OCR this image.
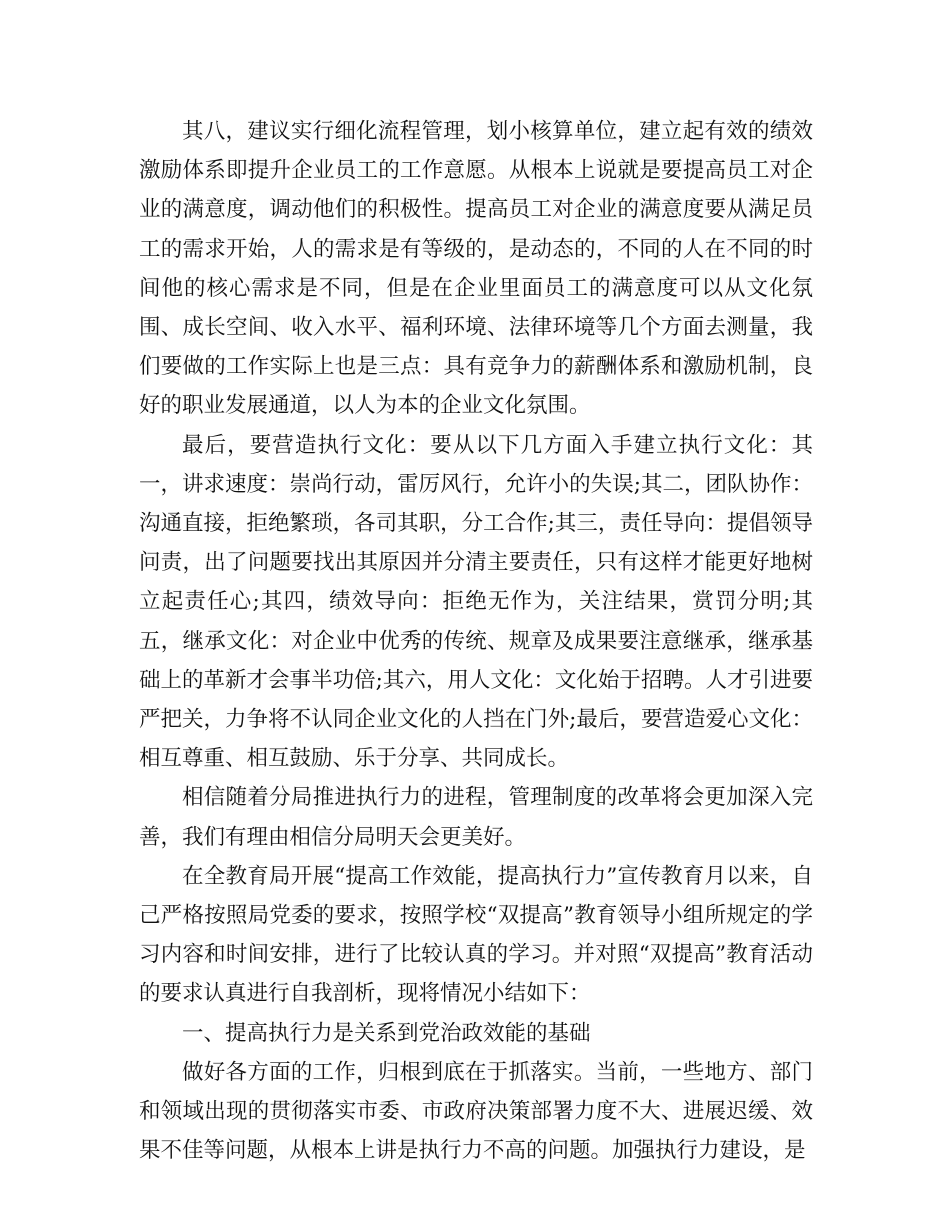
其八，建议实行细化流程管理，划小核算单位，建立起有效的绩效激励体系即提升企业员工的工作意愿。从根本上说就是要提高员工对企业的满意度，调动他们的积极性。提高员工对企业的满意度要从满足员工的需求开始，人的需求是有等级的，是动态的，不同的人在不同的时间他的核心需求是不同，但是在企业里面员工的满意度可以从文化氛围、成长空间、收入水平、福利环境、法律环境等几个方面去测量，我们要做的工作实际上也是三点：具有竞争力的薪酬体系和激励机制，良好的职业发展通道，以人为本的企业文化氛围。

最后，要营造执行文化：要从以下几方面入手建立执行文化：其一，讲求速度：崇尚行动，雷厉风行，允许小的失误;其二，团队协作：沟通直接，拒绝繁琐，各司其职，分工合作;其三，责任导向：提倡领导问责，出了问题要找出其原因并分清主要责任，只有这样才能更好地树立起责任心;其四，绩效导向：拒绝无作为，关注结果，赏罚分明;其五，继承文化：对企业中优秀的传统、规章及成果要注意继承，继承基础上的革新才会事半功倍;其六，用人文化：文化始于招聘。人才引进要严把关，力争将不认同企业文化的人挡在门外;最后，要营造爱心文化：相互尊重、相互鼓励、乐于分享、共同成长。

相信随着分局推进执行力的进程，管理制度的改革将会更加深入完善，我们有理由相信分局明天会更美好。

在全教育局开展“提高工作效能，提高执行力”宣传教育月以来，自己严格按照局党委的要求，按照学校“双提高”教育领导小组所规定的学习内容和时间安排，进行了比较认真的学习。并对照“双提高”教育活动的要求认真进行自我剖析，现将情况小结如下：

一、提高执行力是关系到党治政效能的基础

做好各方面的工作，归根到底在于抓落实。当前，一些地方、部门和领域出现的贯彻落实市委、市政府决策部署力度不大、进展迟缓、效果不佳等问题，从根本上讲是执行力不高的问题。加强执行力建设，是
